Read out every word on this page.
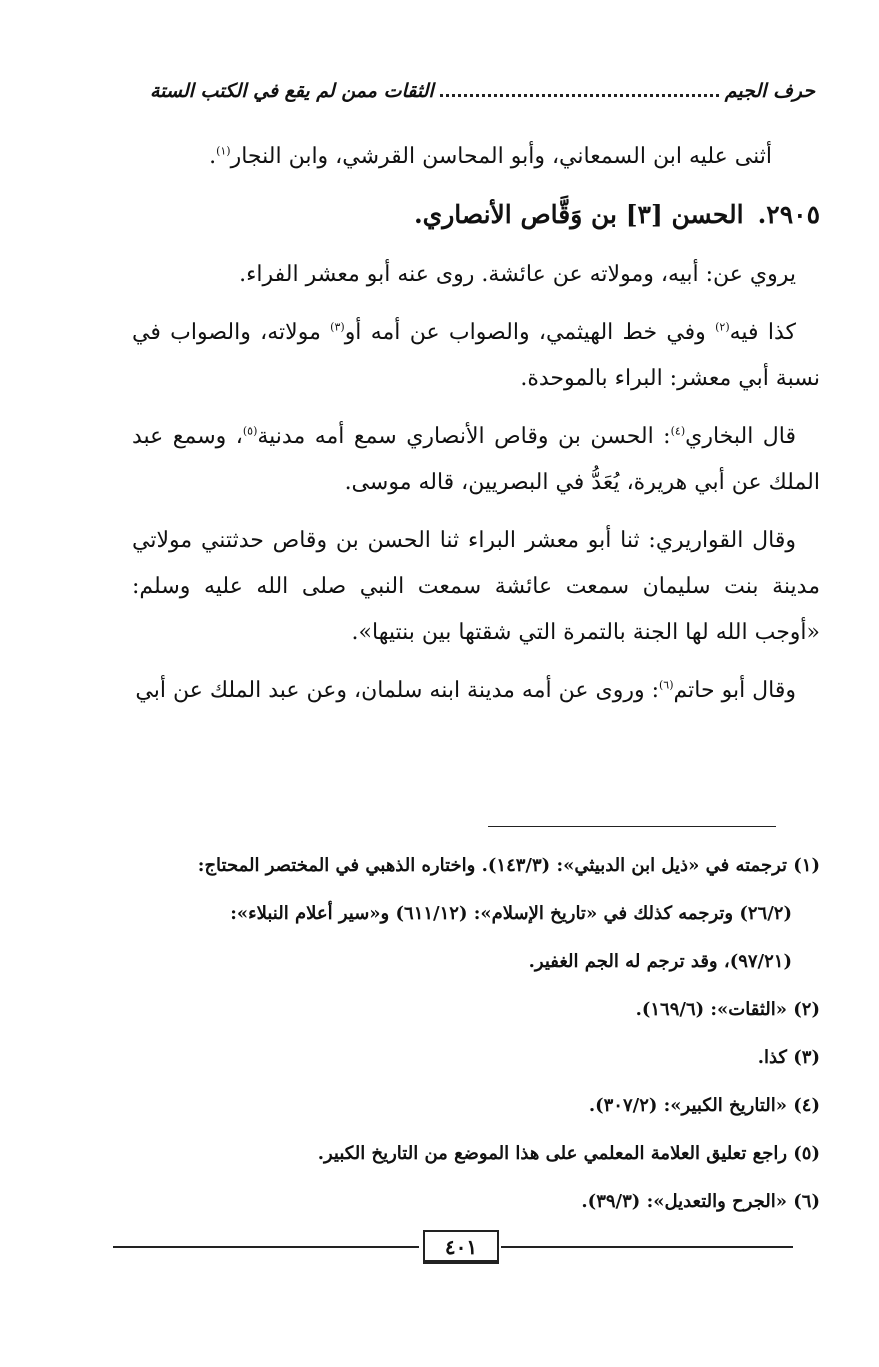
حرف الجيم
الثقات ممن لم يقع في الكتب الستة

أثنى عليه ابن السمعاني، وأبو المحاسن القرشي، وابن النجار$^{(١)}$.

٢٩٠٥.الحسن [٣] بن وَقَّاص الأنصاري.

يروي عن: أبيه، ومولاته عن عائشة. روى عنه أبو معشر الفراء.

كذا فيه$^{(٢)}$ وفي خط الهيثمي، والصواب عن أمه أو$^{(٣)}$ مولاته، والصواب في نسبة أبي معشر: البراء بالموحدة.

قال البخاري$^{(٤)}$: الحسن بن وقاص الأنصاري سمع أمه مدنية$^{(٥)}$، وسمع عبد الملك عن أبي هريرة، يُعَدُّ في البصريين، قاله موسى.

وقال القواريري: ثنا أبو معشر البراء ثنا الحسن بن وقاص حدثتني مولاتي مدينة بنت سليمان سمعت عائشة سمعت النبي صلى الله عليه وسلم: «أوجب الله لها الجنة بالتمرة التي شقتها بين بنتيها».

وقال أبو حاتم$^{(٦)}$: وروى عن أمه مدينة ابنه سلمان، وعن عبد الملك عن أبي

(١) ترجمته في «ذيل ابن الدبيثي»: (١٤٣/٣). واختاره الذهبي في المختصر المحتاج:

(٢٦/٢) وترجمه كذلك في «تاريخ الإسلام»: (٦١١/١٢) و«سير أعلام النبلاء»:

(٩٧/٢١)، وقد ترجم له الجم الغفير.

(٢) «الثقات»: (١٦٩/٦).

(٣) كذا.

(٤) «التاريخ الكبير»: (٣٠٧/٢).

(٥) راجع تعليق العلامة المعلمي على هذا الموضع من التاريخ الكبير.

(٦) «الجرح والتعديل»: (٣٩/٣).

٤٠١
